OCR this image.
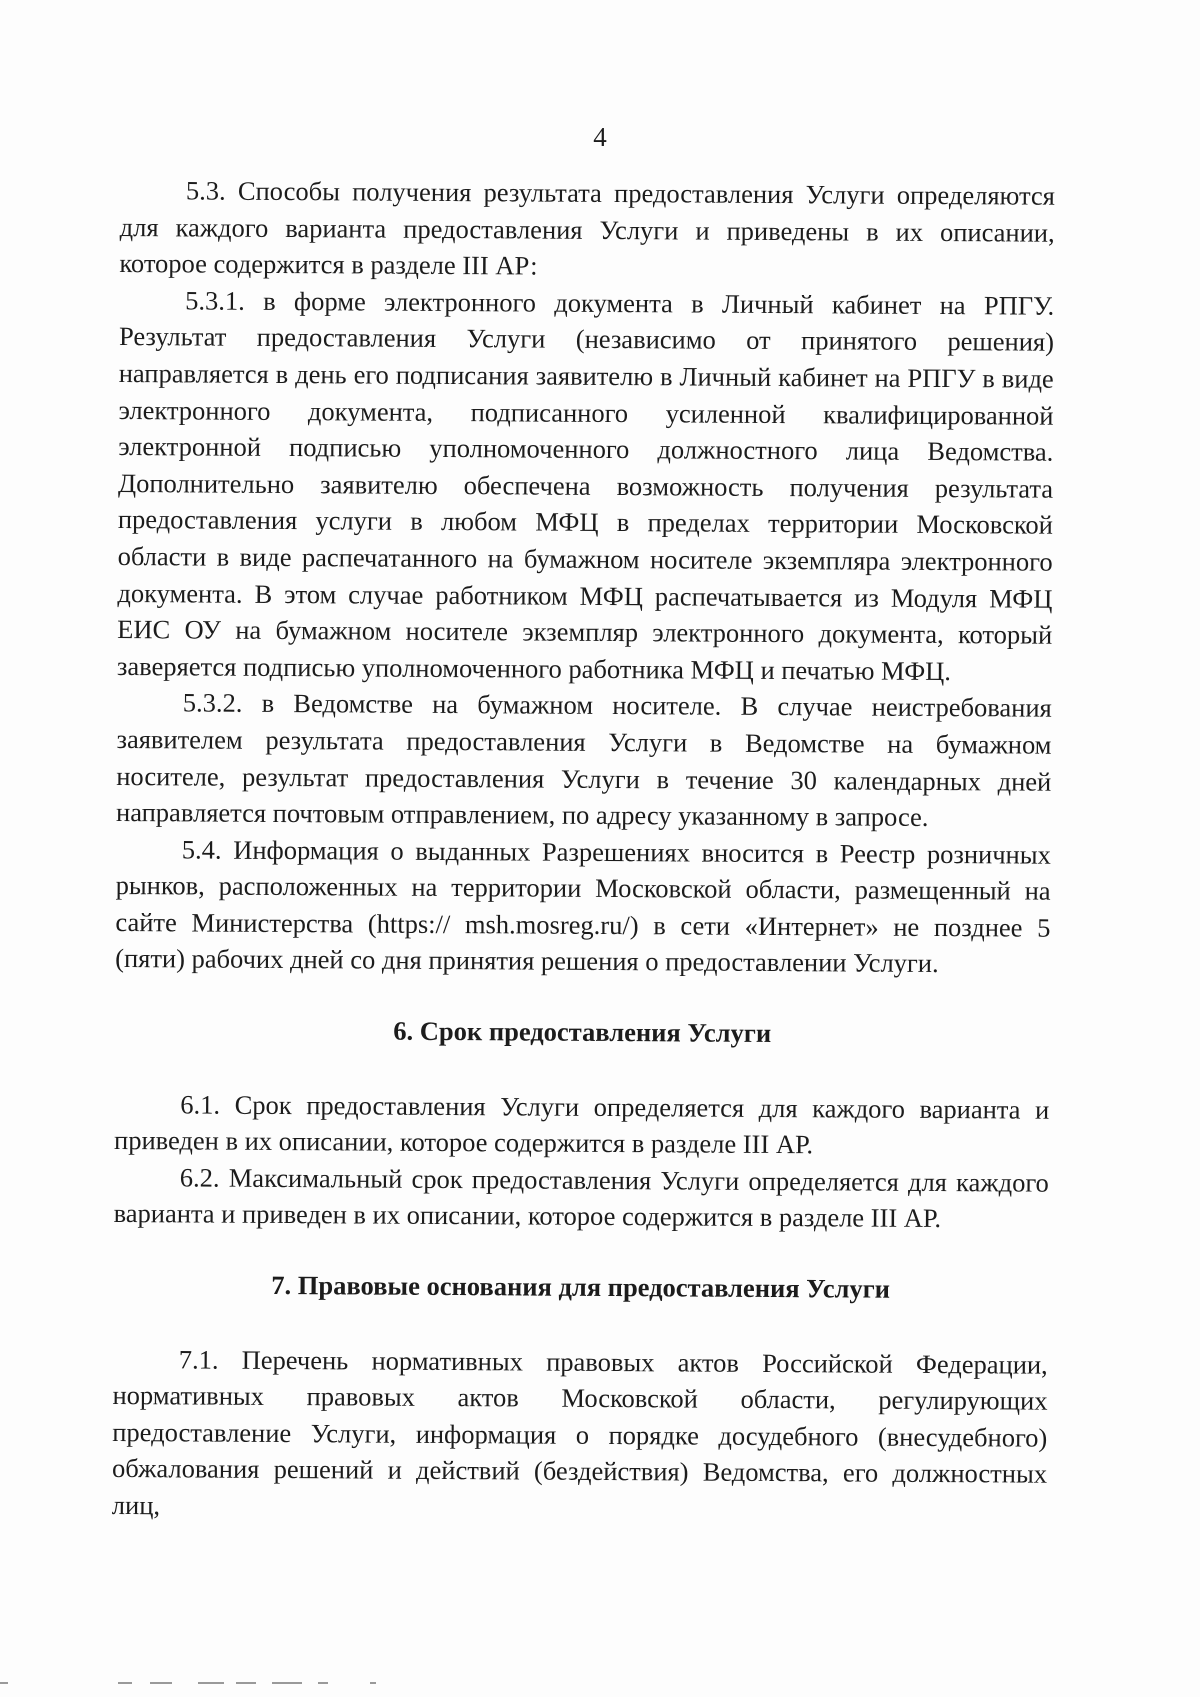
4

5.3. Способы получения результата предоставления Услуги определяются для каждого варианта предоставления Услуги и приведены в их описании, которое содержится в разделе III АР:

5.3.1. в форме электронного документа в Личный кабинет на РПГУ. Результат предоставления Услуги (независимо от принятого решения) направляется в день его подписания заявителю в Личный кабинет на РПГУ в виде электронного документа, подписанного усиленной квалифицированной электронной подписью уполномоченного должностного лица Ведомства. Дополнительно заявителю обеспечена возможность получения результата предоставления услуги в любом МФЦ в пределах территории Московской области в виде распечатанного на бумажном носителе экземпляра электронного документа. В этом случае работником МФЦ распечатывается из Модуля МФЦ ЕИС ОУ на бумажном носителе экземпляр электронного документа, который заверяется подписью уполномоченного работника МФЦ и печатью МФЦ.

5.3.2. в Ведомстве на бумажном носителе. В случае неистребования заявителем результата предоставления Услуги в Ведомстве на бумажном носителе, результат предоставления Услуги в течение 30 календарных дней направляется почтовым отправлением, по адресу указанному в запросе.

5.4. Информация о выданных Разрешениях вносится в Реестр розничных рынков, расположенных на территории Московской области, размещенный на сайте Министерства (https:// msh.mosreg.ru/) в сети «Интернет» не позднее 5 (пяти) рабочих дней со дня принятия решения о предоставлении Услуги.

6. Срок предоставления Услуги

6.1. Срок предоставления Услуги определяется для каждого варианта и приведен в их описании, которое содержится в разделе III АР.

6.2. Максимальный срок предоставления Услуги определяется для каждого варианта и приведен в их описании, которое содержится в разделе III АР.

7. Правовые основания для предоставления Услуги

7.1. Перечень нормативных правовых актов Российской Федерации, нормативных правовых актов Московской области, регулирующих предоставление Услуги, информация о порядке досудебного (внесудебного) обжалования решений и действий (бездействия) Ведомства, его должностных лиц,
